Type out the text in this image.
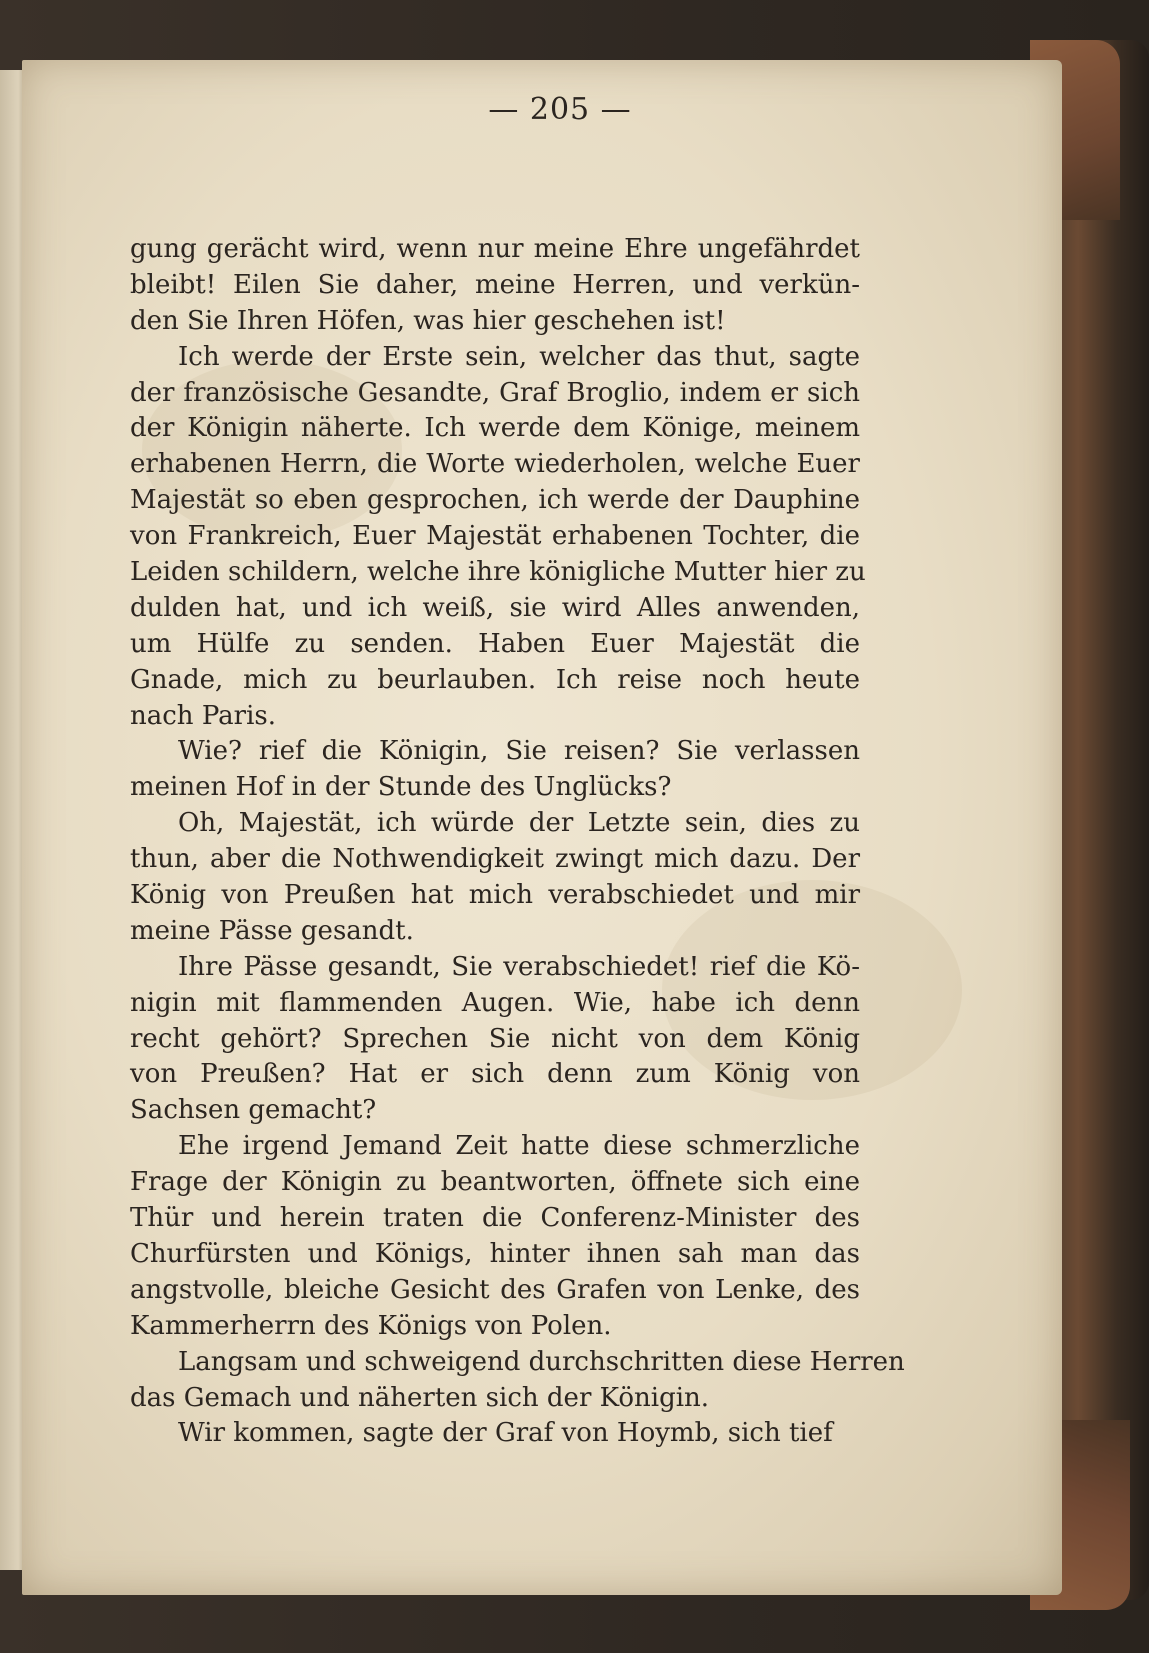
— 205 —
gung gerächt wird, wenn nur meine Ehre ungefährdet
bleibt! Eilen Sie daher, meine Herren, und verkün-
den Sie Ihren Höfen, was hier geschehen ist!
Ich werde der Erste sein, welcher das thut, sagte
der französische Gesandte, Graf Broglio, indem er sich
der Königin näherte. Ich werde dem Könige, meinem
erhabenen Herrn, die Worte wiederholen, welche Euer
Majestät so eben gesprochen, ich werde der Dauphine
von Frankreich, Euer Majestät erhabenen Tochter, die
Leiden schildern, welche ihre königliche Mutter hier zu
dulden hat, und ich weiß, sie wird Alles anwenden,
um Hülfe zu senden. Haben Euer Majestät die
Gnade, mich zu beurlauben. Ich reise noch heute
nach Paris.
Wie? rief die Königin, Sie reisen? Sie verlassen
meinen Hof in der Stunde des Unglücks?
Oh, Majestät, ich würde der Letzte sein, dies zu
thun, aber die Nothwendigkeit zwingt mich dazu. Der
König von Preußen hat mich verabschiedet und mir
meine Pässe gesandt.
Ihre Pässe gesandt, Sie verabschiedet! rief die Kö-
nigin mit flammenden Augen. Wie, habe ich denn
recht gehört? Sprechen Sie nicht von dem König
von Preußen? Hat er sich denn zum König von
Sachsen gemacht?
Ehe irgend Jemand Zeit hatte diese schmerzliche
Frage der Königin zu beantworten, öffnete sich eine
Thür und herein traten die Conferenz-Minister des
Churfürsten und Königs, hinter ihnen sah man das
angstvolle, bleiche Gesicht des Grafen von Lenke, des
Kammerherrn des Königs von Polen.
Langsam und schweigend durchschritten diese Herren
das Gemach und näherten sich der Königin.
Wir kommen, sagte der Graf von Hoymb, sich tief
